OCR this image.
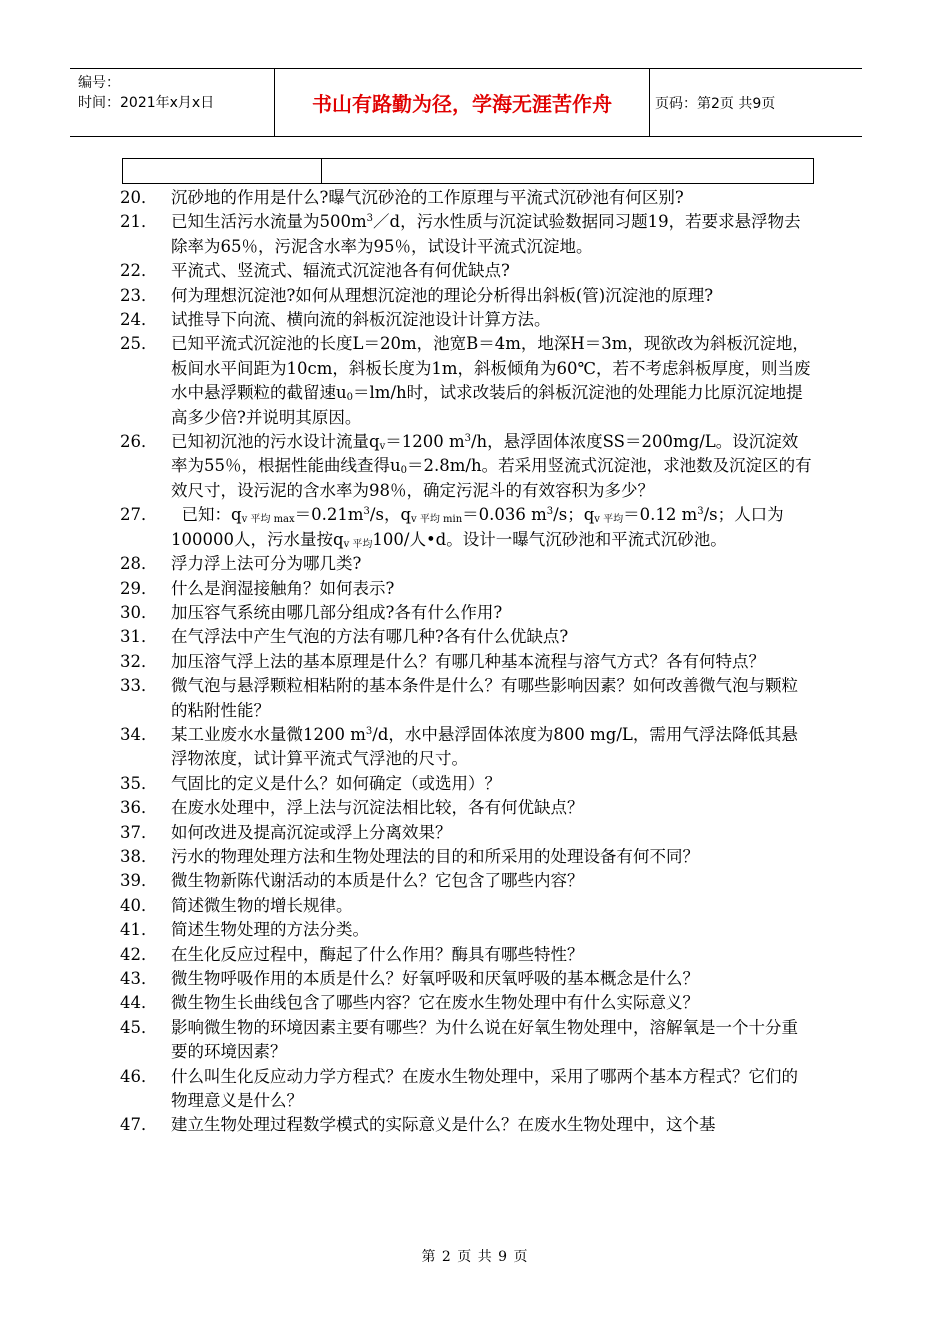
编号：
时间：2021年x月x日	书山有路勤为径，学海无涯苦作舟	页码：第2页 共9页

20． 沉砂地的作用是什么?曝气沉砂沧的工作原理与平流式沉砂池有何区别?

21． 已知生活污水流量为$500m^3/d$，污水性质与沉淀试验数据同习题19，若要求悬浮物去除率为65％，污泥含水率为95％，试设计平流式沉淀地。

22． 平流式、竖流式、辐流式沉淀池各有何优缺点?

23． 何为理想沉淀池?如何从理想沉淀池的理论分析得出斜板(管)沉淀池的原理?

24． 试推导下向流、横向流的斜板沉淀池设计计算方法。

25． 已知平流式沉淀池的长度L＝20m，池宽B＝4m，地深H＝3m，现欲改为斜板沉淀地，板间水平间距为10cm，斜板长度为1m，斜板倾角为60℃，若不考虑斜板厚度，则当废水中悬浮颗粒的截留速$u_0=lm/h$时，试求改装后的斜板沉淀池的处理能力比原沉淀地提高多少倍?并说明其原因。

26． 已知初沉池的污水设计流量$q_v=1200$ $m^3/h$，悬浮固体浓度SS＝200mg/L。设沉淀效率为55％，根据性能曲线查得$u_0=2.8m/h$。若采用竖流式沉淀池，求池数及沉淀区的有效尺寸，设污泥的含水率为98％，确定污泥斗的有效容积为多少？

27． 已知：$q_{v 平均 max}=0.21m^3/s$，$q_{v 平均 min}=0.036$ $m^3/s$；$q_{v 平均}=0.12$ $m^3/s$；人口为100000人，污水量按$q_{v 平均}100/$人•d。设计一曝气沉砂池和平流式沉砂池。

28． 浮力浮上法可分为哪几类?

29． 什么是润湿接触角？如何表示?

30． 加压容气系统由哪几部分组成?各有什么作用?

31． 在气浮法中产生气泡的方法有哪几种?各有什么优缺点?

32． 加压溶气浮上法的基本原理是什么？有哪几种基本流程与溶气方式？各有何特点？

33． 微气泡与悬浮颗粒相粘附的基本条件是什么？有哪些影响因素？如何改善微气泡与颗粒的粘附性能？

34． 某工业废水水量微1200 $m^3/d$，水中悬浮固体浓度为800 mg/L，需用气浮法降低其悬浮物浓度，试计算平流式气浮池的尺寸。

35． 气固比的定义是什么？如何确定（或选用）？

36． 在废水处理中，浮上法与沉淀法相比较，各有何优缺点？

37． 如何改进及提高沉淀或浮上分离效果？

38． 污水的物理处理方法和生物处理法的目的和所采用的处理设备有何不同？

39． 微生物新陈代谢活动的本质是什么？它包含了哪些内容？

40． 简述微生物的增长规律。

41． 简述生物处理的方法分类。

42． 在生化反应过程中，酶起了什么作用？酶具有哪些特性？

43． 微生物呼吸作用的本质是什么？好氧呼吸和厌氧呼吸的基本概念是什么？

44． 微生物生长曲线包含了哪些内容？它在废水生物处理中有什么实际意义？

45． 影响微生物的环境因素主要有哪些？为什么说在好氧生物处理中，溶解氧是一个十分重要的环境因素？

46． 什么叫生化反应动力学方程式？在废水生物处理中，采用了哪两个基本方程式？它们的物理意义是什么？

47． 建立生物处理过程数学模式的实际意义是什么？在废水生物处理中，这个基

第 2 页 共 9 页
